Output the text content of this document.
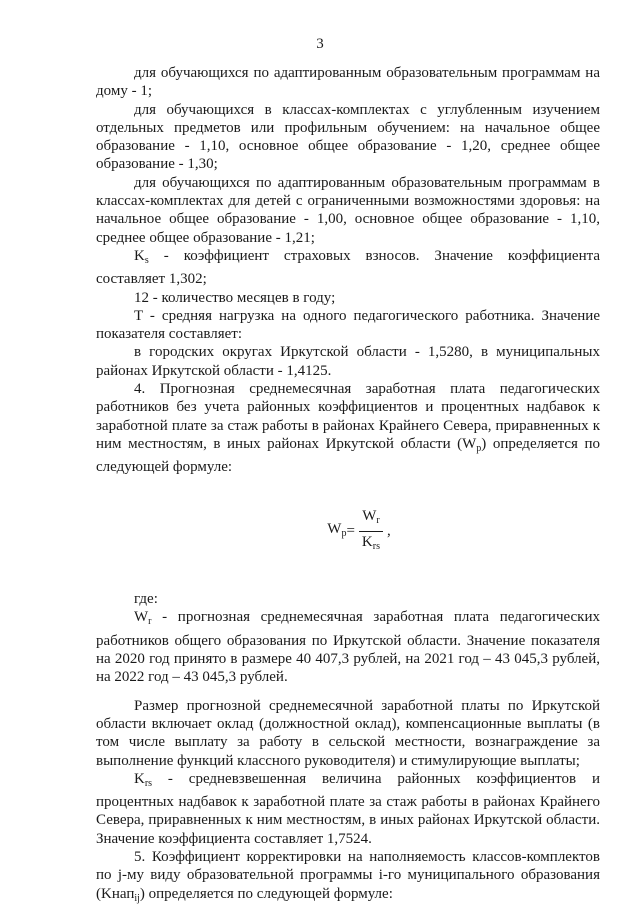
3

для обучающихся по адаптированным образовательным программам на дому - 1;

для обучающихся в классах-комплектах с углубленным изучением отдельных предметов или профильным обучением: на начальное общее образование - 1,10, основное общее образование - 1,20, среднее общее образование - 1,30;

для обучающихся по адаптированным образовательным программам в классах-комплектах для детей с ограниченными возможностями здоровья: на начальное общее образование - 1,00, основное общее образование - 1,10, среднее общее образование - 1,21;

$K_s$ - коэффициент страховых взносов. Значение коэффициента составляет 1,302;

12 - количество месяцев в году;

T - средняя нагрузка на одного педагогического работника. Значение показателя составляет:

в городских округах Иркутской области - 1,5280, в муниципальных районах Иркутской области - 1,4125.

4. Прогнозная среднемесячная заработная плата педагогических работников без учета районных коэффициентов и процентных надбавок к заработной плате за стаж работы в районах Крайнего Севера, приравненных к ним местностям, в иных районах Иркутской области $(W_p)$ определяется по следующей формуле:

$W_p = \frac{W_r}{K_{rs}}$ ,

где:

$W_r$ - прогнозная среднемесячная заработная плата педагогических работников общего образования по Иркутской области. Значение показателя на 2020 год принято в размере 40 407,3 рублей, на 2021 год – 43 045,3 рублей, на 2022 год – 43 045,3 рублей.

Размер прогнозной среднемесячной заработной платы по Иркутской области включает оклад (должностной оклад), компенсационные выплаты (в том числе выплату за работу в сельской местности, вознаграждение за выполнение функций классного руководителя) и стимулирующие выплаты;

$K_{rs}$ - средневзвешенная величина районных коэффициентов и процентных надбавок к заработной плате за стаж работы в районах Крайнего Севера, приравненных к ним местностям, в иных районах Иркутской области. Значение коэффициента составляет 1,7524.

5. Коэффициент корректировки на наполняемость классов-комплектов по j-му виду образовательной программы i-го муниципального образования (Kнап$_{ij}$) определяется по следующей формуле:
